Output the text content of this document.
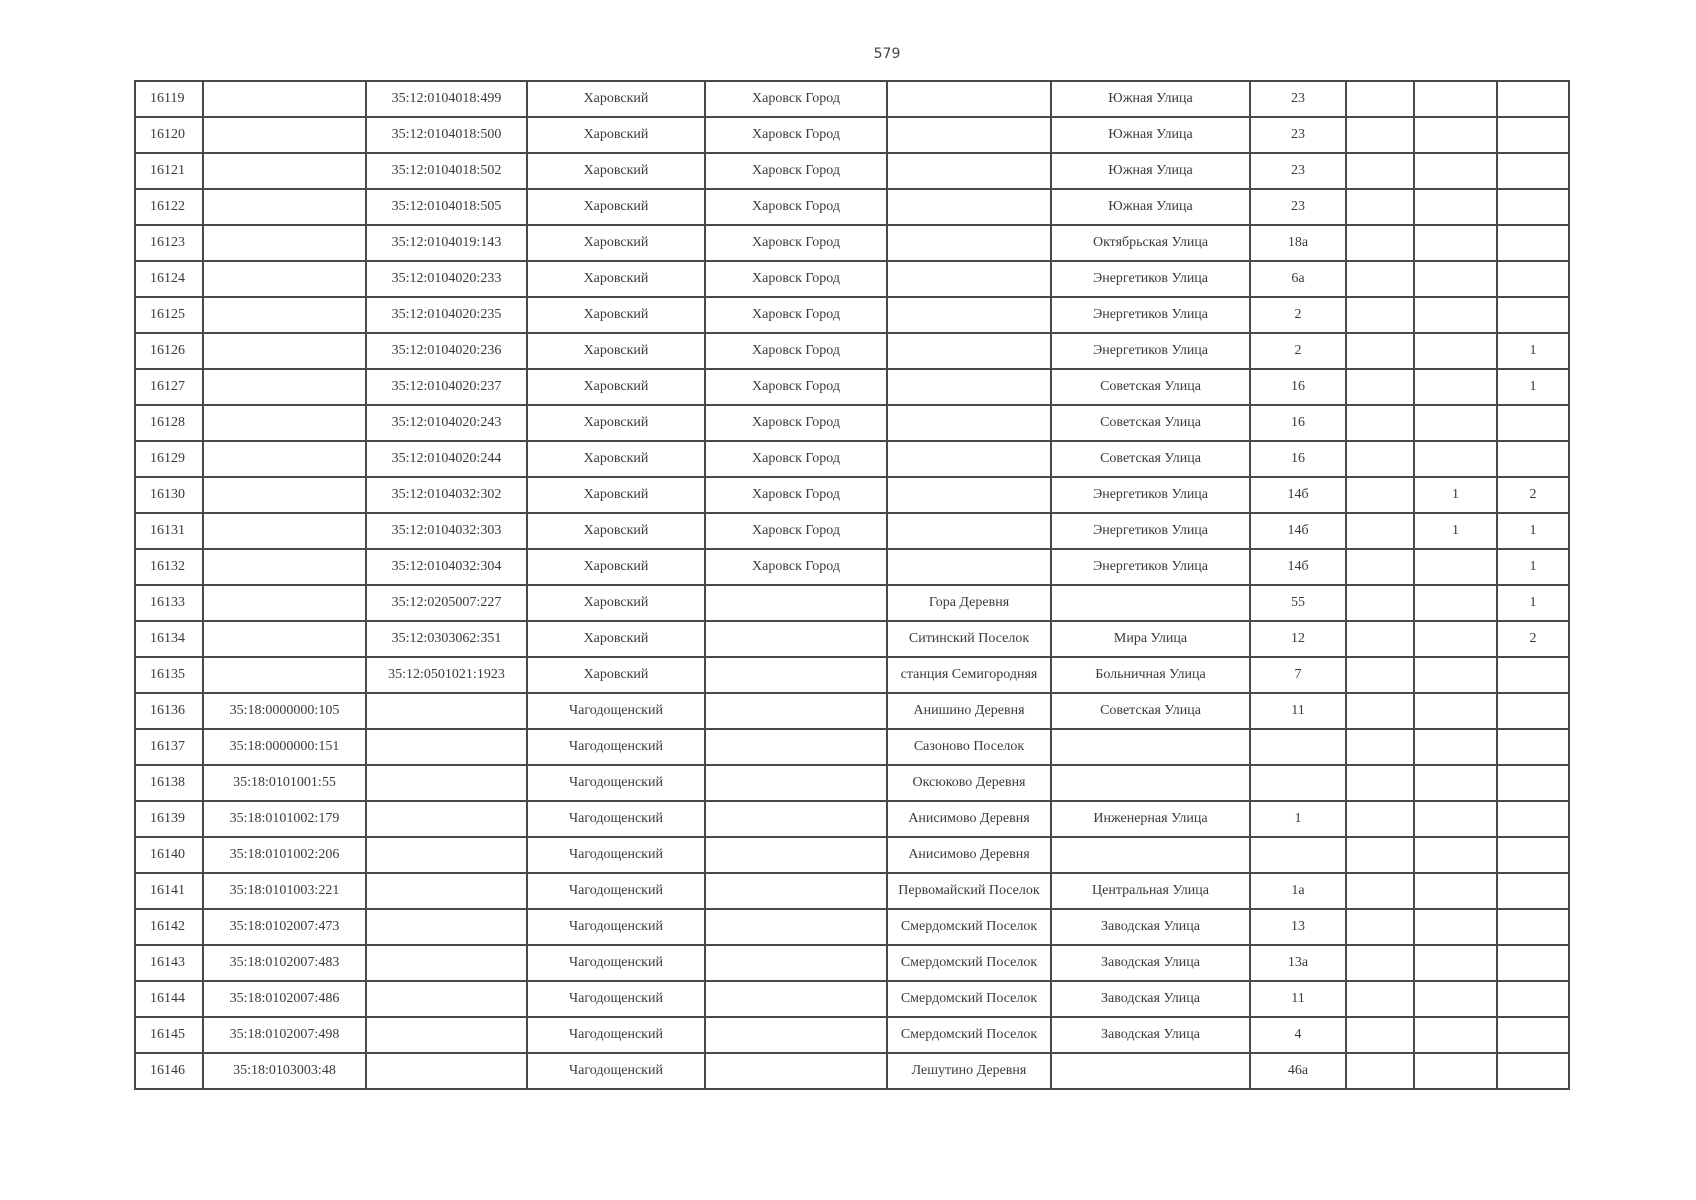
579
16119		35:12:0104018:499	Харовский	Харовск Город		Южная Улица	23			
16120		35:12:0104018:500	Харовский	Харовск Город		Южная Улица	23			
16121		35:12:0104018:502	Харовский	Харовск Город		Южная Улица	23			
16122		35:12:0104018:505	Харовский	Харовск Город		Южная Улица	23			
16123		35:12:0104019:143	Харовский	Харовск Город		Октябрьская Улица	18а			
16124		35:12:0104020:233	Харовский	Харовск Город		Энергетиков Улица	6а			
16125		35:12:0104020:235	Харовский	Харовск Город		Энергетиков Улица	2			
16126		35:12:0104020:236	Харовский	Харовск Город		Энергетиков Улица	2			1
16127		35:12:0104020:237	Харовский	Харовск Город		Советская Улица	16			1
16128		35:12:0104020:243	Харовский	Харовск Город		Советская Улица	16			
16129		35:12:0104020:244	Харовский	Харовск Город		Советская Улица	16			
16130		35:12:0104032:302	Харовский	Харовск Город		Энергетиков Улица	14б		1	2
16131		35:12:0104032:303	Харовский	Харовск Город		Энергетиков Улица	14б		1	1
16132		35:12:0104032:304	Харовский	Харовск Город		Энергетиков Улица	14б			1
16133		35:12:0205007:227	Харовский		Гора Деревня		55			1
16134		35:12:0303062:351	Харовский		Ситинский Поселок	Мира Улица	12			2
16135		35:12:0501021:1923	Харовский		станция Семигородняя	Больничная Улица	7			
16136	35:18:0000000:105		Чагодощенский		Анишино Деревня	Советская Улица	11			
16137	35:18:0000000:151		Чагодощенский		Сазоново Поселок					
16138	35:18:0101001:55		Чагодощенский		Оксюково Деревня					
16139	35:18:0101002:179		Чагодощенский		Анисимово Деревня	Инженерная Улица	1			
16140	35:18:0101002:206		Чагодощенский		Анисимово Деревня					
16141	35:18:0101003:221		Чагодощенский		Первомайский Поселок	Центральная Улица	1а			
16142	35:18:0102007:473		Чагодощенский		Смердомский Поселок	Заводская Улица	13			
16143	35:18:0102007:483		Чагодощенский		Смердомский Поселок	Заводская Улица	13а			
16144	35:18:0102007:486		Чагодощенский		Смердомский Поселок	Заводская Улица	11			
16145	35:18:0102007:498		Чагодощенский		Смердомский Поселок	Заводская Улица	4			
16146	35:18:0103003:48		Чагодощенский		Лешутино Деревня		46а			
